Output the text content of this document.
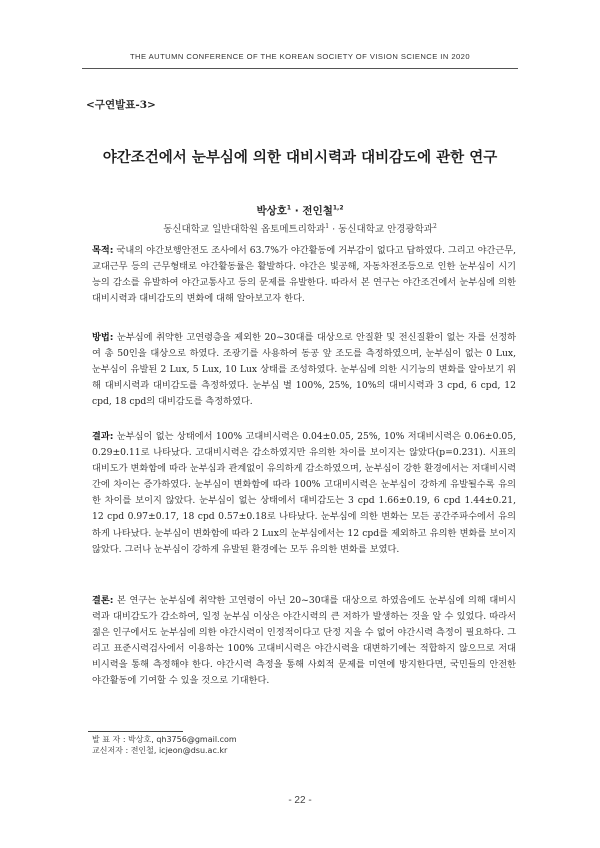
THE AUTUMN CONFERENCE OF THE KOREAN SOCIETY OF VISION SCIENCE IN 2020
<구연발표-3>
야간조건에서 눈부심에 의한 대비시력과 대비감도에 관한 연구
박상호$^1$ · 전인철$^{1,2}$
동신대학교 일반대학원 옵토메트리학과$^1$ · 동신대학교 안경광학과$^2$

목적: 국내의 야간보행안전도 조사에서 63.7%가 야간활동에 거부감이 없다고 답하였다. 그리고 야간근무, 교대근무 등의 근무형태로 야간활동률은 활발하다. 야간은 빛공해, 자동차전조등으로 인한 눈부심이 시기능의 감소를 유발하여 야간교통사고 등의 문제를 유발한다. 따라서 본 연구는 야간조건에서 눈부심에 의한 대비시력과 대비감도의 변화에 대해 알아보고자 한다.

방법: 눈부심에 취약한 고연령층을 제외한 20~30대를 대상으로 안질환 및 전신질환이 없는 자를 선정하여 총 50인을 대상으로 하였다. 조광기를 사용하여 동공 앞 조도를 측정하였으며, 눈부심이 없는 0 Lux, 눈부심이 유발된 2 Lux, 5 Lux, 10 Lux 상태를 조성하였다. 눈부심에 의한 시기능의 변화를 알아보기 위해 대비시력과 대비감도를 측정하였다. 눈부심 별 100%, 25%, 10%의 대비시력과 3 cpd, 6 cpd, 12 cpd, 18 cpd의 대비감도를 측정하였다.

결과: 눈부심이 없는 상태에서 100% 고대비시력은 0.04±0.05, 25%, 10% 저대비시력은 0.06±0.05, 0.29±0.11로 나타났다. 고대비시력은 감소하였지만 유의한 차이를 보이지는 않았다(p=0.231). 시표의 대비도가 변화함에 따라 눈부심과 관계없이 유의하게 감소하였으며, 눈부심이 강한 환경에서는 저대비시력간에 차이는 증가하였다. 눈부심이 변화함에 따라 100% 고대비시력은 눈부심이 강하게 유발될수록 유의한 차이를 보이지 않았다. 눈부심이 없는 상태에서 대비감도는 3 cpd 1.66±0.19, 6 cpd 1.44±0.21, 12 cpd 0.97±0.17, 18 cpd 0.57±0.18로 나타났다. 눈부심에 의한 변화는 모든 공간주파수에서 유의하게 나타났다. 눈부심이 변화함에 따라 2 Lux의 눈부심에서는 12 cpd를 제외하고 유의한 변화를 보이지 않았다. 그러나 눈부심이 강하게 유발된 환경에는 모두 유의한 변화를 보였다.

결론: 본 연구는 눈부심에 취약한 고연령이 아닌 20~30대를 대상으로 하였음에도 눈부심에 의해 대비시력과 대비감도가 감소하여, 일정 눈부심 이상은 야간시력의 큰 저하가 발생하는 것을 알 수 있었다. 따라서 젊은 인구에서도 눈부심에 의한 야간시력이 인정적이다고 단정 지을 수 없어 야간시력 측정이 필요하다. 그리고 표준시력검사에서 이용하는 100% 고대비시력은 야간시력을 대변하기에는 적합하지 않으므로 저대비시력을 통해 측정해야 한다. 야간시력 측정을 통해 사회적 문제를 미연에 방지한다면, 국민들의 안전한 야간활동에 기여할 수 있을 것으로 기대한다.

발 표 자 : 박상호, qh3756@gmail.com
교신저자 : 전인철, icjeon@dsu.ac.kr
- 22 -
